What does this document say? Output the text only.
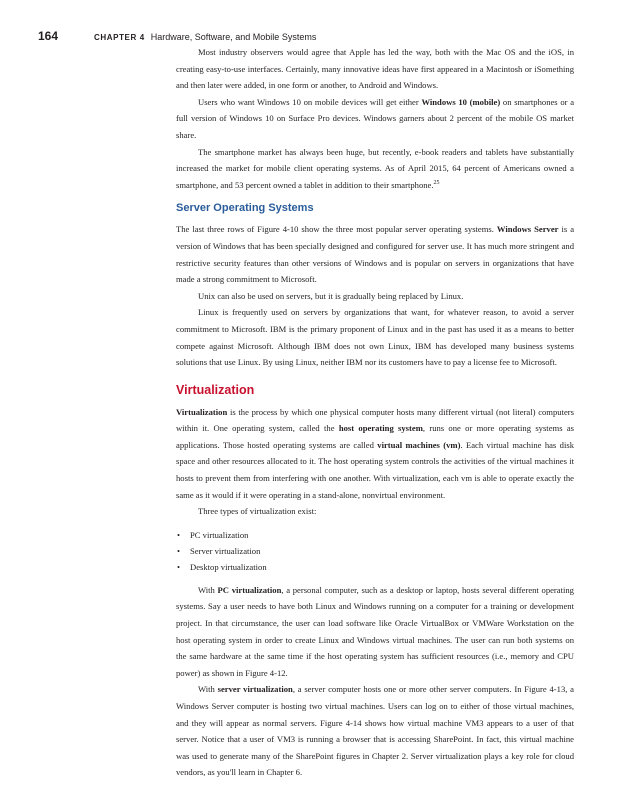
164	CHAPTER 4 Hardware, Software, and Mobile Systems

Most industry observers would agree that Apple has led the way, both with the Mac OS and the iOS, in creating easy-to-use interfaces. Certainly, many innovative ideas have first appeared in a Macintosh or iSomething and then later were added, in one form or another, to Android and Windows.

Users who want Windows 10 on mobile devices will get either Windows 10 (mobile) on smartphones or a full version of Windows 10 on Surface Pro devices. Windows garners about 2 percent of the mobile OS market share.

The smartphone market has always been huge, but recently, e-book readers and tablets have substantially increased the market for mobile client operating systems. As of April 2015, 64 percent of Americans owned a smartphone, and 53 percent owned a tablet in addition to their smartphone.$^{25}$

Server Operating Systems

The last three rows of Figure 4-10 show the three most popular server operating systems. Windows Server is a version of Windows that has been specially designed and configured for server use. It has much more stringent and restrictive security features than other versions of Windows and is popular on servers in organizations that have made a strong commitment to Microsoft.

Unix can also be used on servers, but it is gradually being replaced by Linux.

Linux is frequently used on servers by organizations that want, for whatever reason, to avoid a server commitment to Microsoft. IBM is the primary proponent of Linux and in the past has used it as a means to better compete against Microsoft. Although IBM does not own Linux, IBM has developed many business systems solutions that use Linux. By using Linux, neither IBM nor its customers have to pay a license fee to Microsoft.

Virtualization

Virtualization is the process by which one physical computer hosts many different virtual (not literal) computers within it. One operating system, called the host operating system, runs one or more operating systems as applications. Those hosted operating systems are called virtual machines (vm). Each virtual machine has disk space and other resources allocated to it. The host operating system controls the activities of the virtual machines it hosts to prevent them from interfering with one another. With virtualization, each vm is able to operate exactly the same as it would if it were operating in a stand-alone, nonvirtual environment.

Three types of virtualization exist:

• PC virtualization
• Server virtualization
• Desktop virtualization

With PC virtualization, a personal computer, such as a desktop or laptop, hosts several different operating systems. Say a user needs to have both Linux and Windows running on a computer for a training or development project. In that circumstance, the user can load software like Oracle VirtualBox or VMWare Workstation on the host operating system in order to create Linux and Windows virtual machines. The user can run both systems on the same hardware at the same time if the host operating system has sufficient resources (i.e., memory and CPU power) as shown in Figure 4-12.

With server virtualization, a server computer hosts one or more other server computers. In Figure 4-13, a Windows Server computer is hosting two virtual machines. Users can log on to either of those virtual machines, and they will appear as normal servers. Figure 4-14 shows how virtual machine VM3 appears to a user of that server. Notice that a user of VM3 is running a browser that is accessing SharePoint. In fact, this virtual machine was used to generate many of the SharePoint figures in Chapter 2. Server virtualization plays a key role for cloud vendors, as you'll learn in Chapter 6.
